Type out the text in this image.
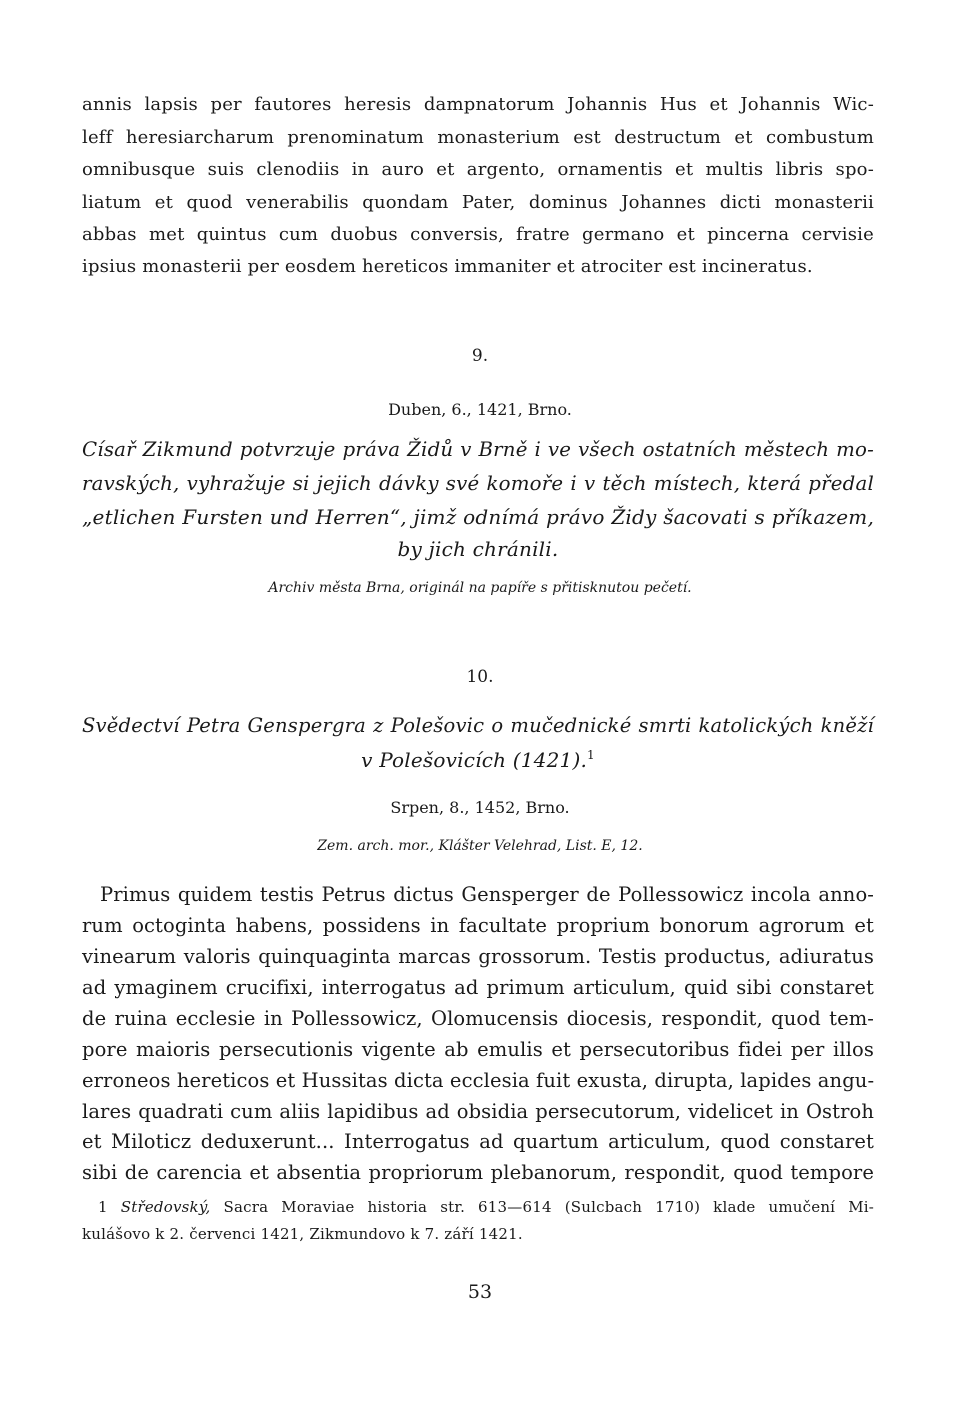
annis lapsis per fautores heresis dampnatorum Johannis Hus et Johannis Wic-
leff heresiarcharum prenominatum monasterium est destructum et combustum
omnibusque suis clenodiis in auro et argento, ornamentis et multis libris spo-
liatum et quod venerabilis quondam Pater, dominus Johannes dicti monasterii
abbas met quintus cum duobus conversis, fratre germano et pincerna cervisie
ipsius monasterii per eosdem hereticos immaniter et atrociter est incineratus.
9.
Duben, 6., 1421, Brno.
Císař Zikmund potvrzuje práva Židů v Brně i ve všech ostatních městech mo-
ravských, vyhražuje si jejich dávky své komoře i v těch místech, která předal
„etlichen Fursten und Herren“, jimž odnímá právo Židy šacovati s příkazem,
by jich chránili.
Archiv města Brna, originál na papíře s přitisknutou pečetí.
10.
Svědectví Petra Genspergra z Polešovic o mučednické smrti katolických kněží
v Polešovicích (1421).$^1$
Srpen, 8., 1452, Brno.
Zem. arch. mor., Klášter Velehrad, List. E, 12.
Primus quidem testis Petrus dictus Gensperger de Pollessowicz incola anno-
rum octoginta habens, possidens in facultate proprium bonorum agrorum et
vinearum valoris quinquaginta marcas grossorum. Testis productus, adiuratus
ad ymaginem crucifixi, interrogatus ad primum articulum, quid sibi constaret
de ruina ecclesie in Pollessowicz, Olomucensis diocesis, respondit, quod tem-
pore maioris persecutionis vigente ab emulis et persecutoribus fidei per illos
erroneos hereticos et Hussitas dicta ecclesia fuit exusta, dirupta, lapides angu-
lares quadrati cum aliis lapidibus ad obsidia persecutorum, videlicet in Ostroh
et Miloticz deduxerunt... Interrogatus ad quartum articulum, quod constaret
sibi de carencia et absentia propriorum plebanorum, respondit, quod tempore
1 Středovský, Sacra Moraviae historia str. 613—614 (Sulcbach 1710) klade umučení Mi-
kulášovo k 2. červenci 1421, Zikmundovo k 7. září 1421.
53
